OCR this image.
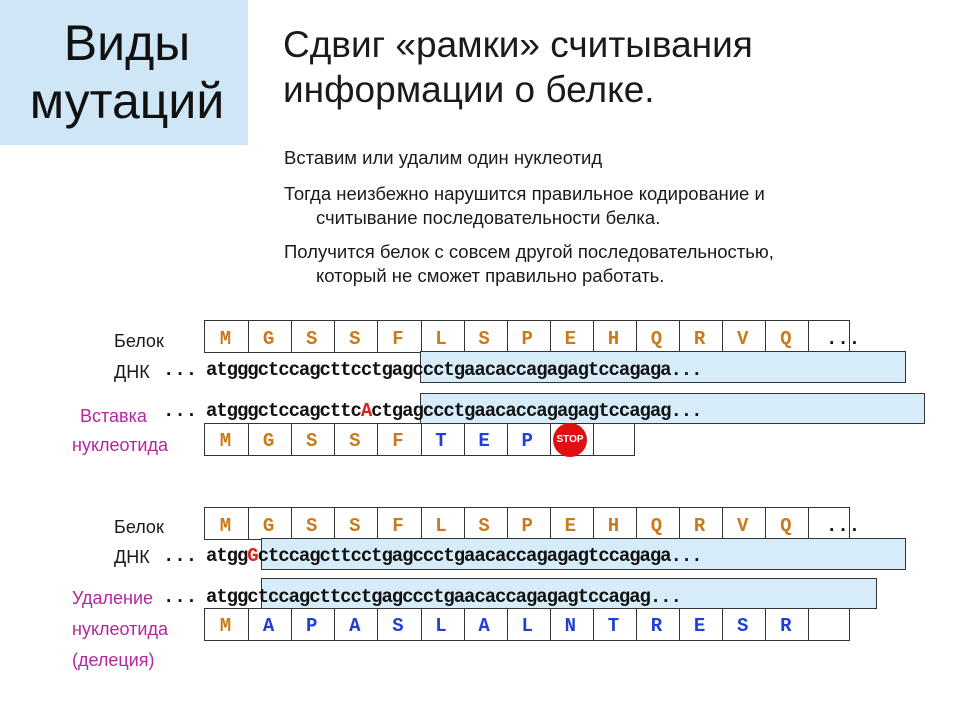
Виды
мутаций
Сдвиг «рамки» считывания
информации о белке.
Вставим или удалим один нуклеотид
Тогда неизбежно нарушится правильное кодирование и
считывание последовательности белка.
Получится белок с совсем другой последовательностью,
который не сможет правильно работать.
Белок
ДНК
Вставка
нуклеотида
M	G	S	S	F	L	S	P	E	H	Q	R	V	Q	...
... atgggctccagcttcctgagccctgaacaccagagagtccagaga...
... atgggctccagcttcActgagccctgaacaccagagagtccagag...
M	G	S	S	F	T	E	P	STOP
Белок
ДНК
Удаление
нуклеотида
(делеция)
M	G	S	S	F	L	S	P	E	H	Q	R	V	Q	...
... atggGctccagcttcctgagccctgaacaccagagagtccagaga...
... atggctccagcttcctgagccctgaacaccagagagtccagag...
M	A	P	A	S	L	A	L	N	T	R	E	S	R
